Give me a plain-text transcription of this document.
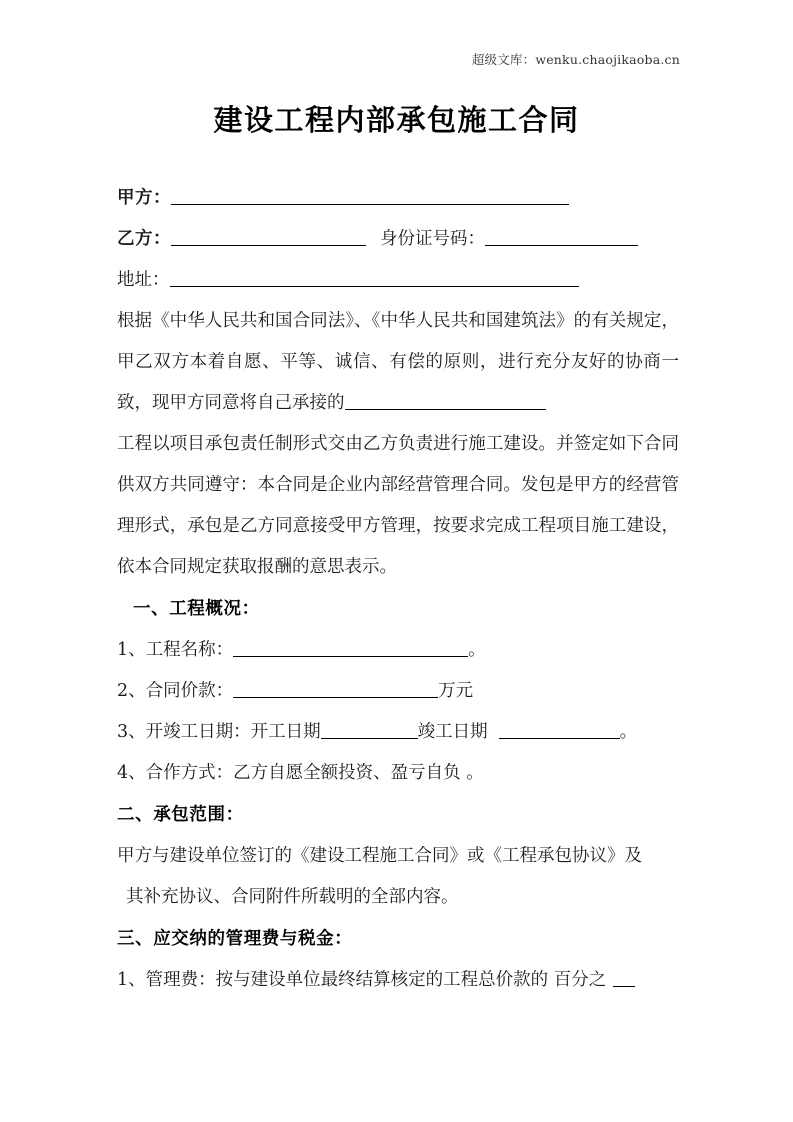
超级文库：wenku.chaojikaoba.cn
建设工程内部承包施工合同
甲方：
乙方：	身份证号码：
地址：
根据《中华人民共和国合同法》、《中华人民共和国建筑法》的有关规定，甲乙双方本着自愿、平等、诚信、有偿的原则，进行充分友好的协商一致，现甲方同意将自己承接的
工程以项目承包责任制形式交由乙方负责进行施工建设。并签定如下合同供双方共同遵守：本合同是企业内部经营管理合同。发包是甲方的经营管理形式，承包是乙方同意接受甲方管理，按要求完成工程项目施工建设，依本合同规定获取报酬的意思表示。
一、工程概况：
1、工程名称：	。
2、合同价款：	万元
3、开竣工日期：开工日期	竣工日期	。
4、合作方式：乙方自愿全额投资、盈亏自负 。
二、承包范围：
甲方与建设单位签订的《建设工程施工合同》或《工程承包协议》及
其补充协议、合同附件所载明的全部内容。
三、应交纳的管理费与税金：
1、管理费：按与建设单位最终结算核定的工程总价款的 百分之
